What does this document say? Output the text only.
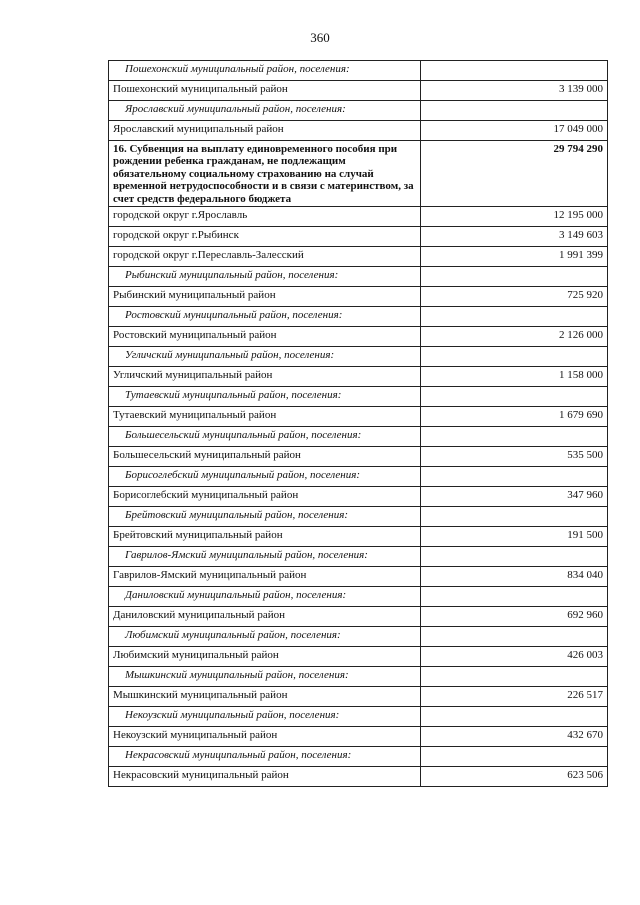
360
Пошехонский муниципальный район, поселения:	
Пошехонский муниципальный район	3 139 000
Ярославский муниципальный район, поселения:	
Ярославский муниципальный район	17 049 000
16. Субвенция на выплату единовременного пособия при рождении ребенка гражданам, не подлежащим обязательному социальному страхованию на случай временной нетрудоспособности и в связи с материнством, за счет средств федерального бюджета	29 794 290
городской округ г.Ярославль	12 195 000
городской округ г.Рыбинск	3 149 603
городской округ г.Переславль-Залесский	1 991 399
Рыбинский муниципальный район, поселения:	
Рыбинский муниципальный район	725 920
Ростовский муниципальный район, поселения:	
Ростовский муниципальный район	2 126 000
Угличский муниципальный район, поселения:	
Угличский муниципальный район	1 158 000
Тутаевский муниципальный район, поселения:	
Тутаевский муниципальный район	1 679 690
Большесельский муниципальный район, поселения:	
Большесельский муниципальный район	535 500
Борисоглебский муниципальный район, поселения:	
Борисоглебский муниципальный район	347 960
Брейтовский муниципальный район, поселения:	
Брейтовский муниципальный район	191 500
Гаврилов-Ямский муниципальный район, поселения:	
Гаврилов-Ямский муниципальный район	834 040
Даниловский муниципальный район, поселения:	
Даниловский муниципальный район	692 960
Любимский муниципальный район, поселения:	
Любимский муниципальный район	426 003
Мышкинский муниципальный район, поселения:	
Мышкинский муниципальный район	226 517
Некоузский муниципальный район, поселения:	
Некоузский муниципальный район	432 670
Некрасовский муниципальный район, поселения:	
Некрасовский муниципальный район	623 506
